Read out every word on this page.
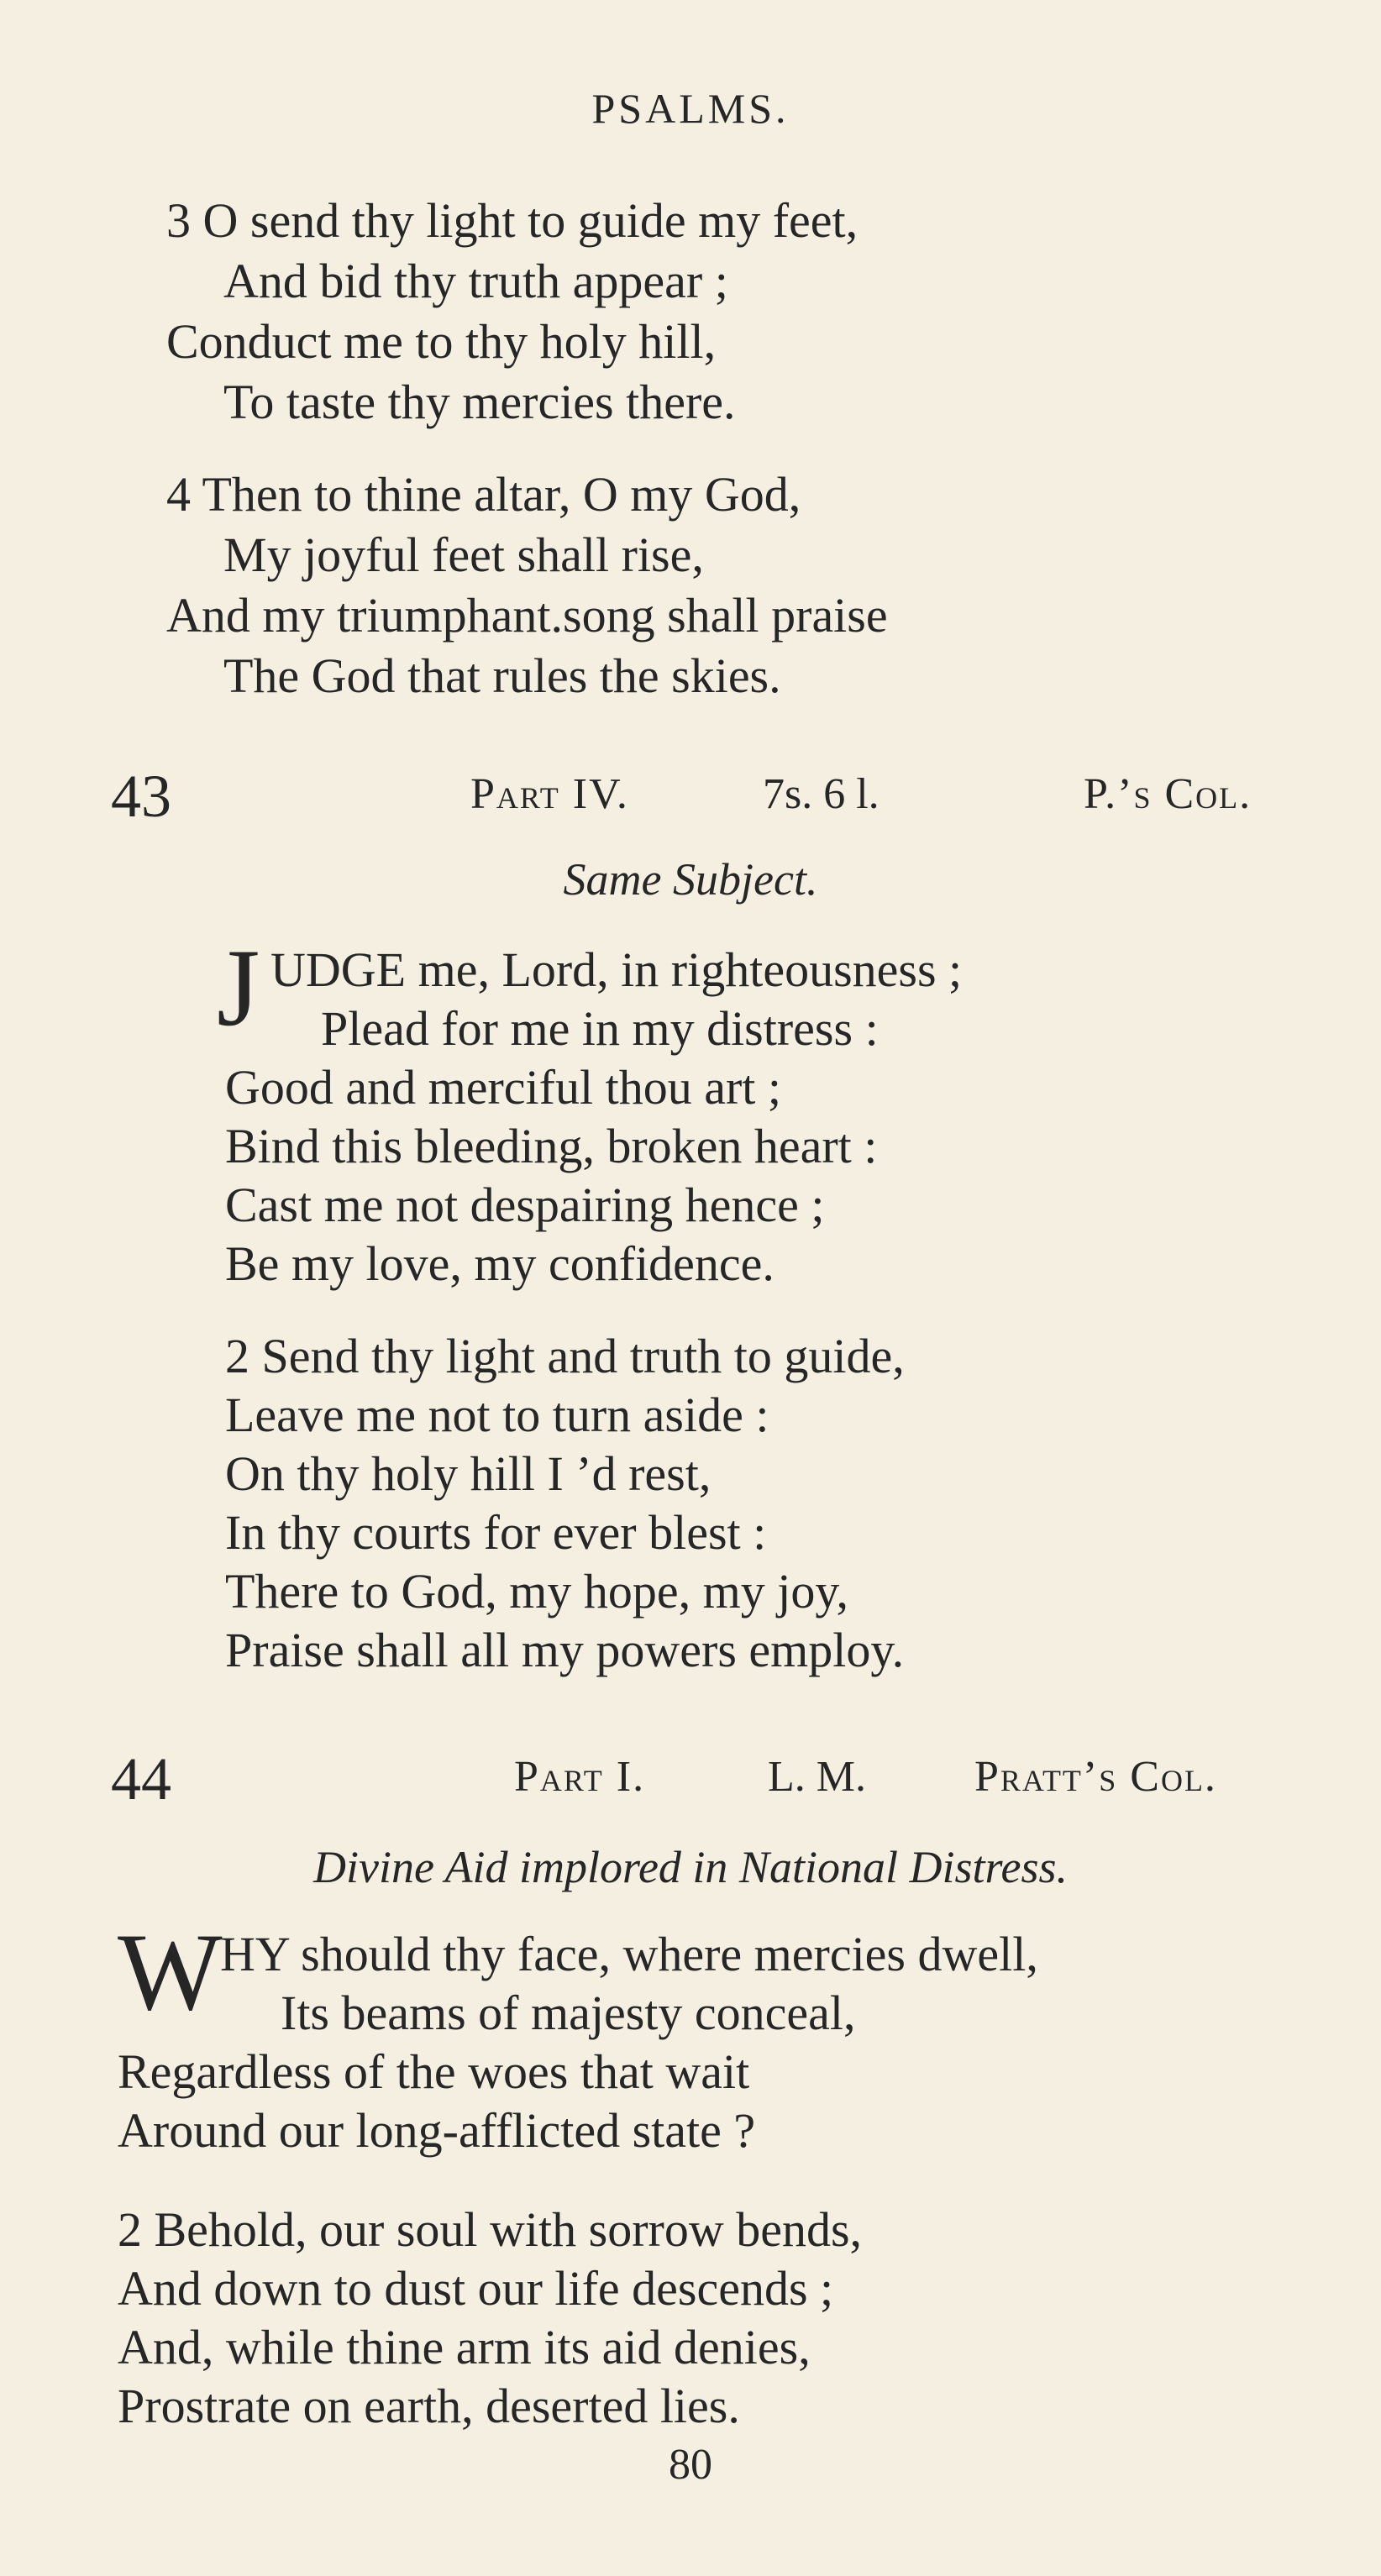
PSALMS.
3 O send thy light to guide my feet,
And bid thy truth appear ;
Conduct me to thy holy hill,
To taste thy mercies there.
4 Then to thine altar, O my God,
My joyful feet shall rise,
And my triumphant.song shall praise
The God that rules the skies.
43	Part IV.	7s. 6 l.	P.’s Col.
Same Subject.
J UDGE me, Lord, in righteousness ;
Plead for me in my distress :
Good and merciful thou art ;
Bind this bleeding, broken heart :
Cast me not despairing hence ;
Be my love, my confidence.
2 Send thy light and truth to guide,
Leave me not to turn aside :
On thy holy hill I ’d rest,
In thy courts for ever blest :
There to God, my hope, my joy,
Praise shall all my powers employ.
44	Part I.	L. M. Pratt’s Col.
Divine Aid implored in National Distress.
W
HY should thy face, where mercies dwell,
Its beams of majesty conceal,
Regardless of the woes that wait
Around our long-afflicted state ?
2 Behold, our soul with sorrow bends,
And down to dust our life descends ;
And, while thine arm its aid denies,
Prostrate on earth, deserted lies.
80
